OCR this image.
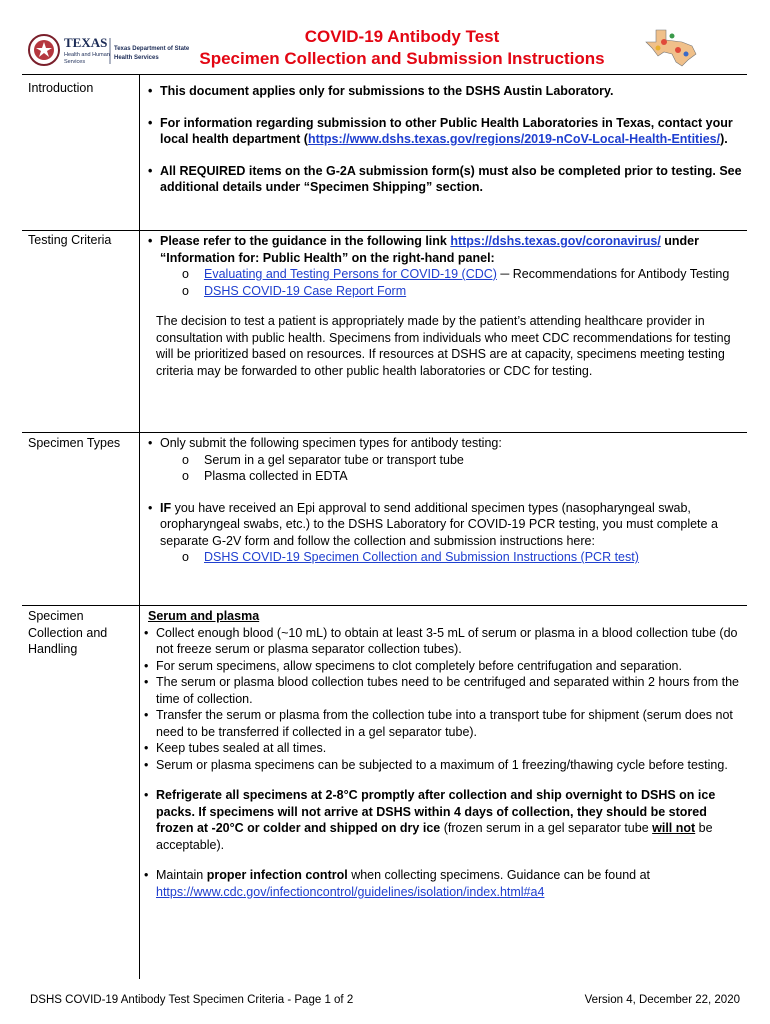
TEXAS
Health and Human
Services
Texas Department of State
Health Services
COVID-19 Antibody Test
Specimen Collection and Submission Instructions
Introduction	• This document applies only for submissions to the DSHS Austin Laboratory.

• For information regarding submission to other Public Health Laboratories in Texas, contact your local health department (https://www.dshs.texas.gov/regions/2019-nCoV-Local-Health-Entities/).

• All REQUIRED items on the G-2A submission form(s) must also be completed prior to testing. See additional details under “Specimen Shipping” section.

Testing Criteria	• Please refer to the guidance in the following link https://dshs.texas.gov/coronavirus/ under “Information for: Public Health” on the right-hand panel:

o Evaluating and Testing Persons for COVID-19 (CDC) ─ Recommendations for Antibody Testing

o DSHS COVID-19 Case Report Form

The decision to test a patient is appropriately made by the patient’s attending healthcare provider in consultation with public health. Specimens from individuals who meet CDC recommendations for testing will be prioritized based on resources. If resources at DSHS are at capacity, specimens meeting testing criteria may be forwarded to other public health laboratories or CDC for testing.

Specimen Types	• Only submit the following specimen types for antibody testing:

o Serum in a gel separator tube or transport tube

o Plasma collected in EDTA

• IF you have received an Epi approval to send additional specimen types (nasopharyngeal swab, oropharyngeal swabs, etc.) to the DSHS Laboratory for COVID-19 PCR testing, you must complete a separate G-2V form and follow the collection and submission instructions here:

o DSHS COVID-19 Specimen Collection and Submission Instructions (PCR test)

Specimen Collection and Handling

Serum and plasma

• Collect enough blood (~10 mL) to obtain at least 3-5 mL of serum or plasma in a blood collection tube (do not freeze serum or plasma separator collection tubes).

• For serum specimens, allow specimens to clot completely before centrifugation and separation.

• The serum or plasma blood collection tubes need to be centrifuged and separated within 2 hours from the time of collection.

• Transfer the serum or plasma from the collection tube into a transport tube for shipment (serum does not need to be transferred if collected in a gel separator tube).

• Keep tubes sealed at all times.

• Serum or plasma specimens can be subjected to a maximum of 1 freezing/thawing cycle before testing.

• Refrigerate all specimens at 2-8°C promptly after collection and ship overnight to DSHS on ice packs. If specimens will not arrive at DSHS within 4 days of collection, they should be stored frozen at -20°C or colder and shipped on dry ice (frozen serum in a gel separator tube will not be acceptable).

• Maintain proper infection control when collecting specimens. Guidance can be found at
https://www.cdc.gov/infectioncontrol/guidelines/isolation/index.html#a4

DSHS COVID-19 Antibody Test Specimen Criteria - Page 1 of 2	Version 4, December 22, 2020
